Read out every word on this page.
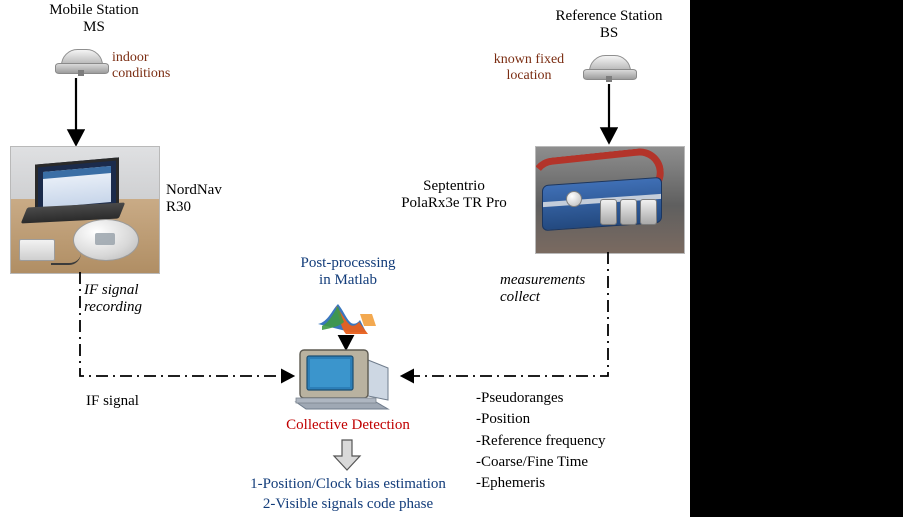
Mobile Station
MS
Reference Station
BS
indoor
conditions
known fixed
location
NordNav
R30
Septentrio
PolaRx3e TR Pro
Post-processing
in Matlab
IF signal
recording
IF signal
measurements
collect
-Pseudoranges
-Position
-Reference frequency
-Coarse/Fine Time
-Ephemeris
Collective Detection
1-Position/Clock bias estimation
2-Visible signals code phase
